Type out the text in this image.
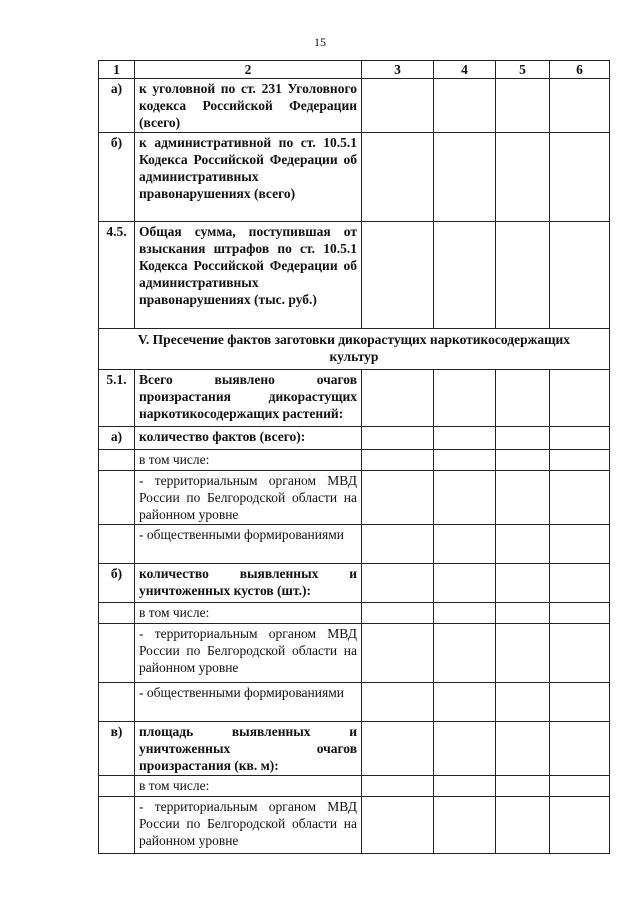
15
1	2	3	4	5	6
а)	к уголовной по ст. 231 Уголовного кодекса Российской Федерации (всего)				
б)	к административной по ст. 10.5.1 Кодекса Российской Федерации об административных правонарушениях (всего)				
4.5.	Общая сумма, поступившая от взыскания штрафов по ст. 10.5.1 Кодекса Российской Федерации об административных правонарушениях (тыс. руб.)				
V. Пресечение фактов заготовки дикорастущих наркотикосодержащих культур					
5.1.	Всего выявлено очагов произрастания дикорастущих наркотикосодержащих растений:				
а)	количество фактов (всего):				
	в том числе:				
	- территориальным органом МВД России по Белгородской области на районном уровне				
	- общественными формированиями				
б)	количество выявленных и уничтоженных кустов (шт.):				
	в том числе:				
	- территориальным органом МВД России по Белгородской области на районном уровне				
	- общественными формированиями				
в)	площадь выявленных и уничтоженных очагов произрастания (кв. м):				
	в том числе:				
	- территориальным органом МВД России по Белгородской области на районном уровне				
